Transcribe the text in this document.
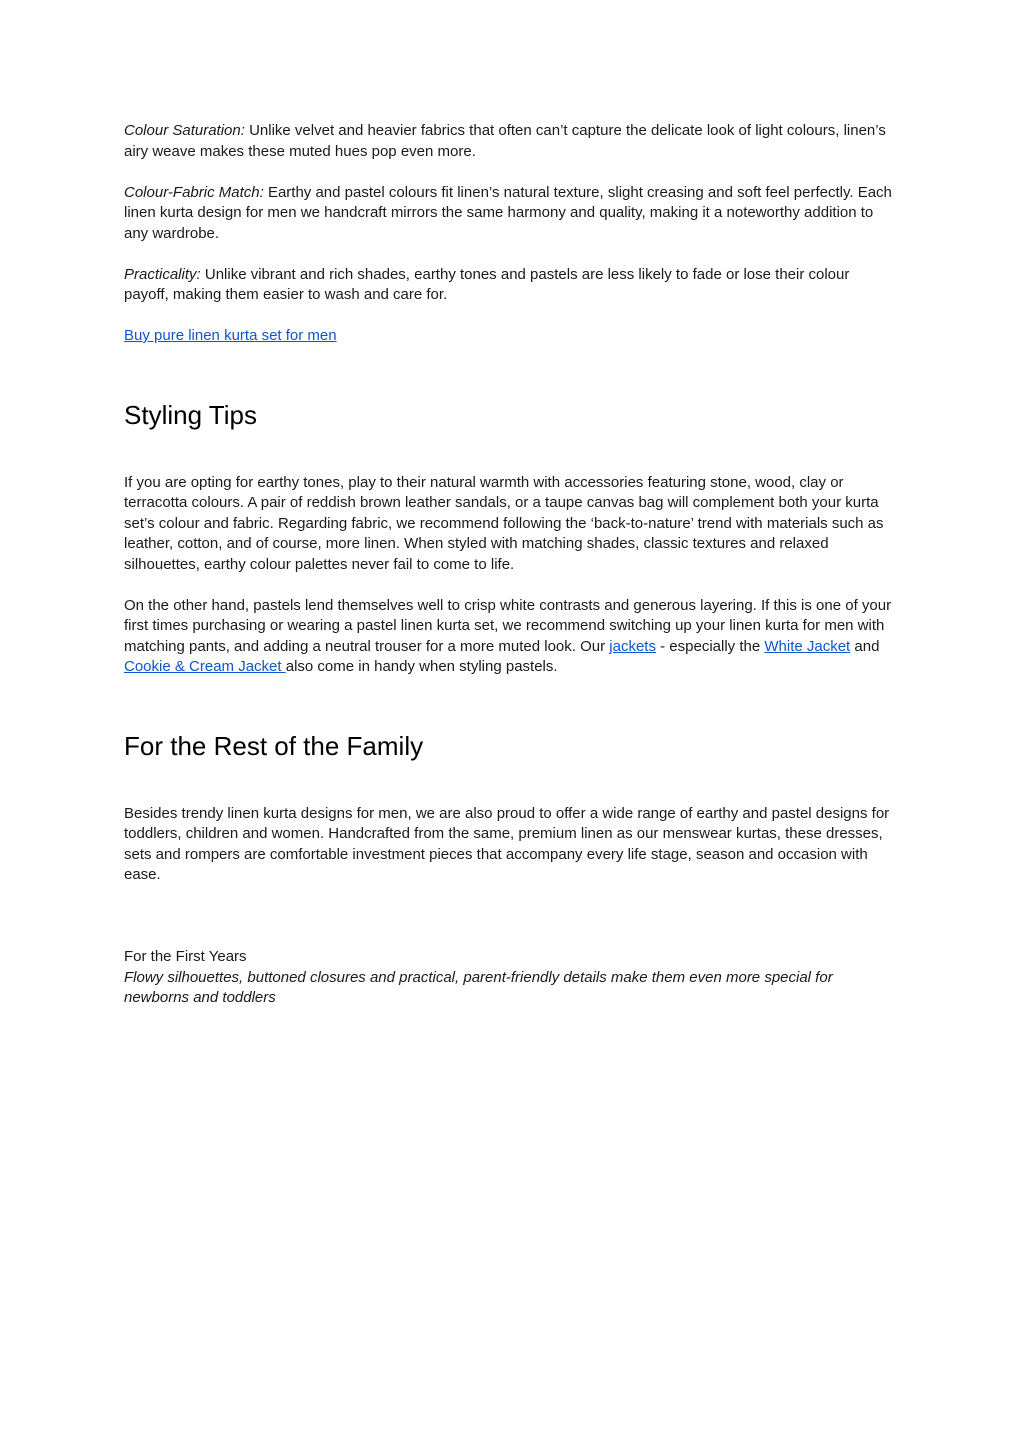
Colour Saturation: Unlike velvet and heavier fabrics that often can’t capture the delicate look of light colours, linen’s airy weave makes these muted hues pop even more.

Colour-Fabric Match: Earthy and pastel colours fit linen’s natural texture, slight creasing and soft feel perfectly. Each linen kurta design for men we handcraft mirrors the same harmony and quality, making it a noteworthy addition to any wardrobe.

Practicality: Unlike vibrant and rich shades, earthy tones and pastels are less likely to fade or lose their colour payoff, making them easier to wash and care for.

Buy pure linen kurta set for men

Styling Tips

If you are opting for earthy tones, play to their natural warmth with accessories featuring stone, wood, clay or terracotta colours. A pair of reddish brown leather sandals, or a taupe canvas bag will complement both your kurta set’s colour and fabric. Regarding fabric, we recommend following the ‘back-to-nature’ trend with materials such as leather, cotton, and of course, more linen. When styled with matching shades, classic textures and relaxed silhouettes, earthy colour palettes never fail to come to life.

On the other hand, pastels lend themselves well to crisp white contrasts and generous layering. If this is one of your first times purchasing or wearing a pastel linen kurta set, we recommend switching up your linen kurta for men with matching pants, and adding a neutral trouser for a more muted look. Our jackets - especially the White Jacket and Cookie & Cream Jacket also come in handy when styling pastels.

For the Rest of the Family

Besides trendy linen kurta designs for men, we are also proud to offer a wide range of earthy and pastel designs for toddlers, children and women. Handcrafted from the same, premium linen as our menswear kurtas, these dresses, sets and rompers are comfortable investment pieces that accompany every life stage, season and occasion with ease.

For the First Years

Flowy silhouettes, buttoned closures and practical, parent-friendly details make them even more special for newborns and toddlers
